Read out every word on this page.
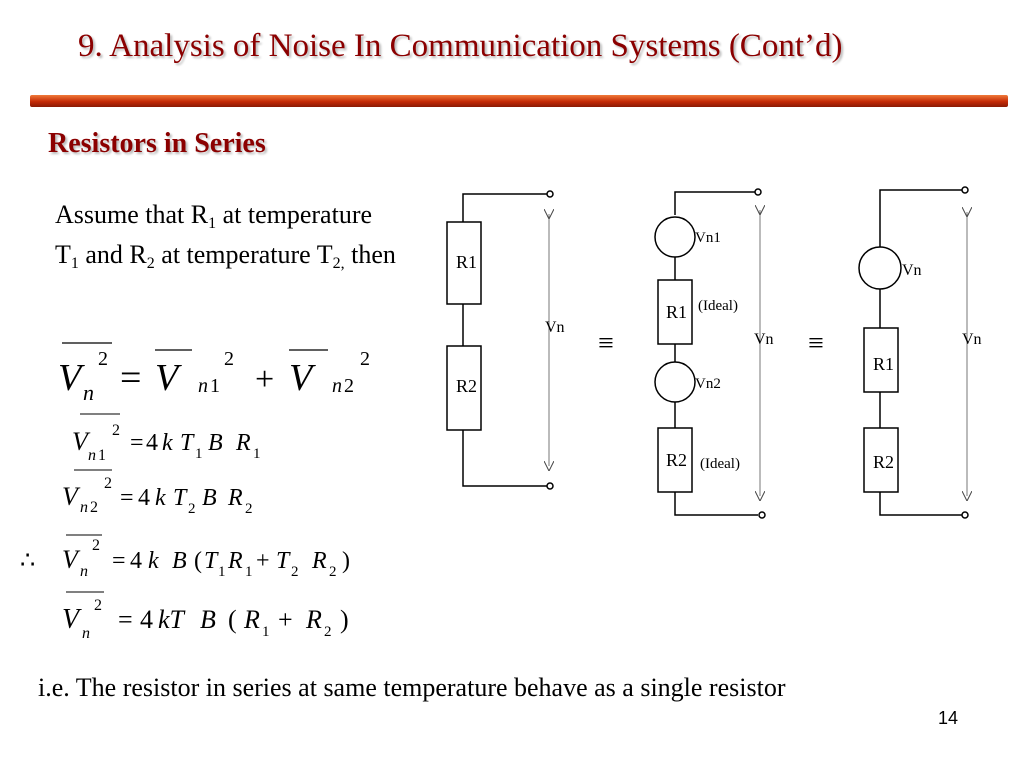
9. Analysis of Noise In Communication Systems (Cont’d)
Resistors in Series
Assume that $R_1$ at temperature $T_1$ and $R_2$ at temperature $T_{2,}$ then
V n
2 = V n 1
2
+ V n 2
2
V n 1
2 = 4 k T 1 B R 1
V n 2
2
= 4 k T 2 B R 2
∴ V n
2
= 4 k B ( T 1 R 1 + T 2 R 2 )
V n
2 = 4 kT B ( R 1 + R 2 )
R1
R2
Vn
≡
Vn1
R1 (Ideal)
Vn2
R2 (Ideal)
Vn ≡
Vn
R1
R2
Vn
i.e. The resistor in series at same temperature behave as a single resistor
14
